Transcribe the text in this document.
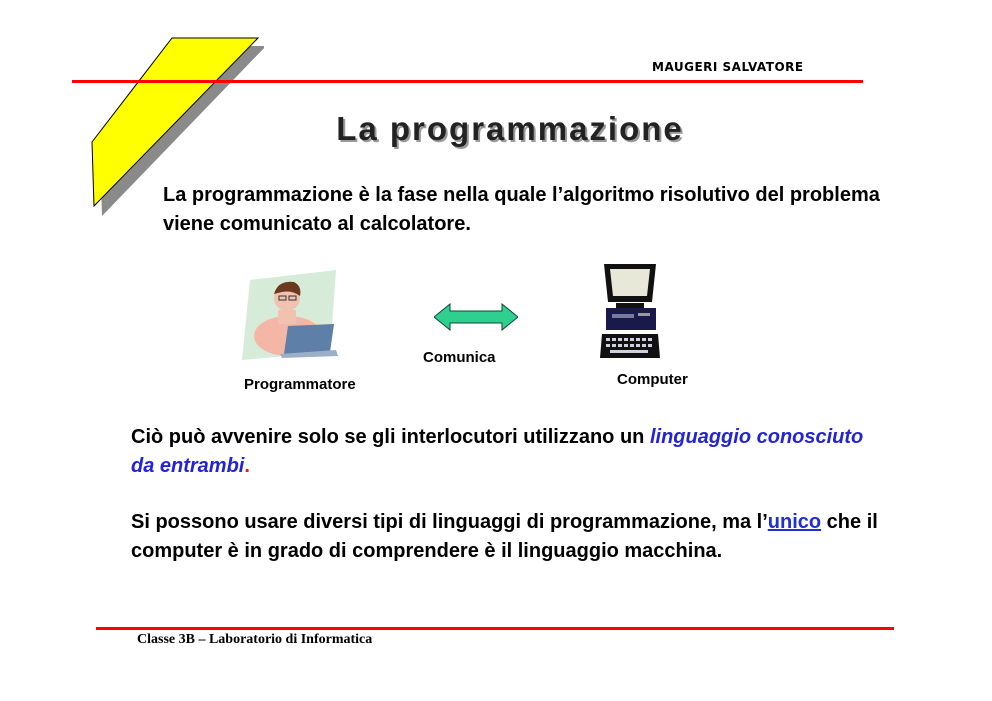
MAUGERI SALVATORE
La programmazione
La programmazione è la fase nella quale l’algoritmo risolutivo del problema viene comunicato al calcolatore.
Programmatore
Comunica
Computer
Ciò può avvenire solo se gli interlocutori utilizzano un linguaggio conosciuto da entrambi.
Si possono usare diversi tipi di linguaggi di programmazione, ma l’unico che il computer è in grado di comprendere è il linguaggio macchina.
Classe 3B – Laboratorio di Informatica
